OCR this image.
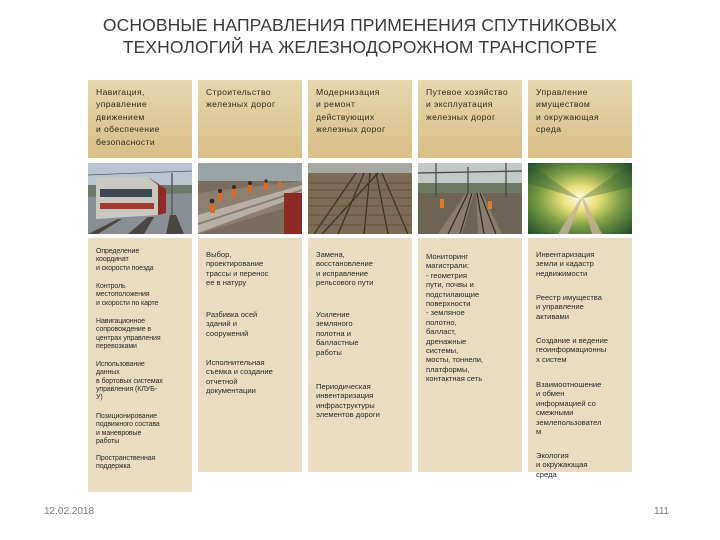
ОСНОВНЫЕ НАПРАВЛЕНИЯ ПРИМЕНЕНИЯ СПУТНИКОВЫХ
ТЕХНОЛОГИЙ НА ЖЕЛЕЗНОДОРОЖНОМ ТРАНСПОРТЕ
Навигация,
управление
движением
и обеспечение
безопасности
Определение
координат
и скорости поезда
Контроль
местоположения
и скорости по карте
Навигационное
сопровождение в
центрах управления
перевозками
Использование
данных
в бортовых системах
управления (КЛУБ-
У)
Позиционирование
подвижного состава
и маневровые
работы
Пространственная
поддержка
Строительство
железных дорог
Выбор,
проектирование
трассы и перенос
ее в натуру
Разбивка осей
зданий и
сооружений
Исполнительная
съемка и создание
отчетной
документации
Модернизация
и ремонт
действующих
железных дорог
Замена,
восстановление
и исправление
рельсового пути
Усиление
земляного
полотна и
балластные
работы
Периодическая
инвентаризация
инфраструктуры
элементов дороги
Путевое хозяйство
и эксплуатация
железных дорог
Мониторинг
магистрали:
- геометрия
пути, почвы и
подстилающие
поверхности
- земляное
полотно,
балласт,
дренажные
системы,
мосты, тоннели,
платформы,
контактная сеть
Управление
имуществом
и окружающая
среда
Инвентаризация
земли и кадастр
недвижимости
Реестр имущества
и управление
активами
Создание и ведение
геоинформационны
х систем
Взаимоотношение
и обмен
информацией со
смежными
землепользовател
м
Экология
и окружающая
среда
12.02.2018	111
